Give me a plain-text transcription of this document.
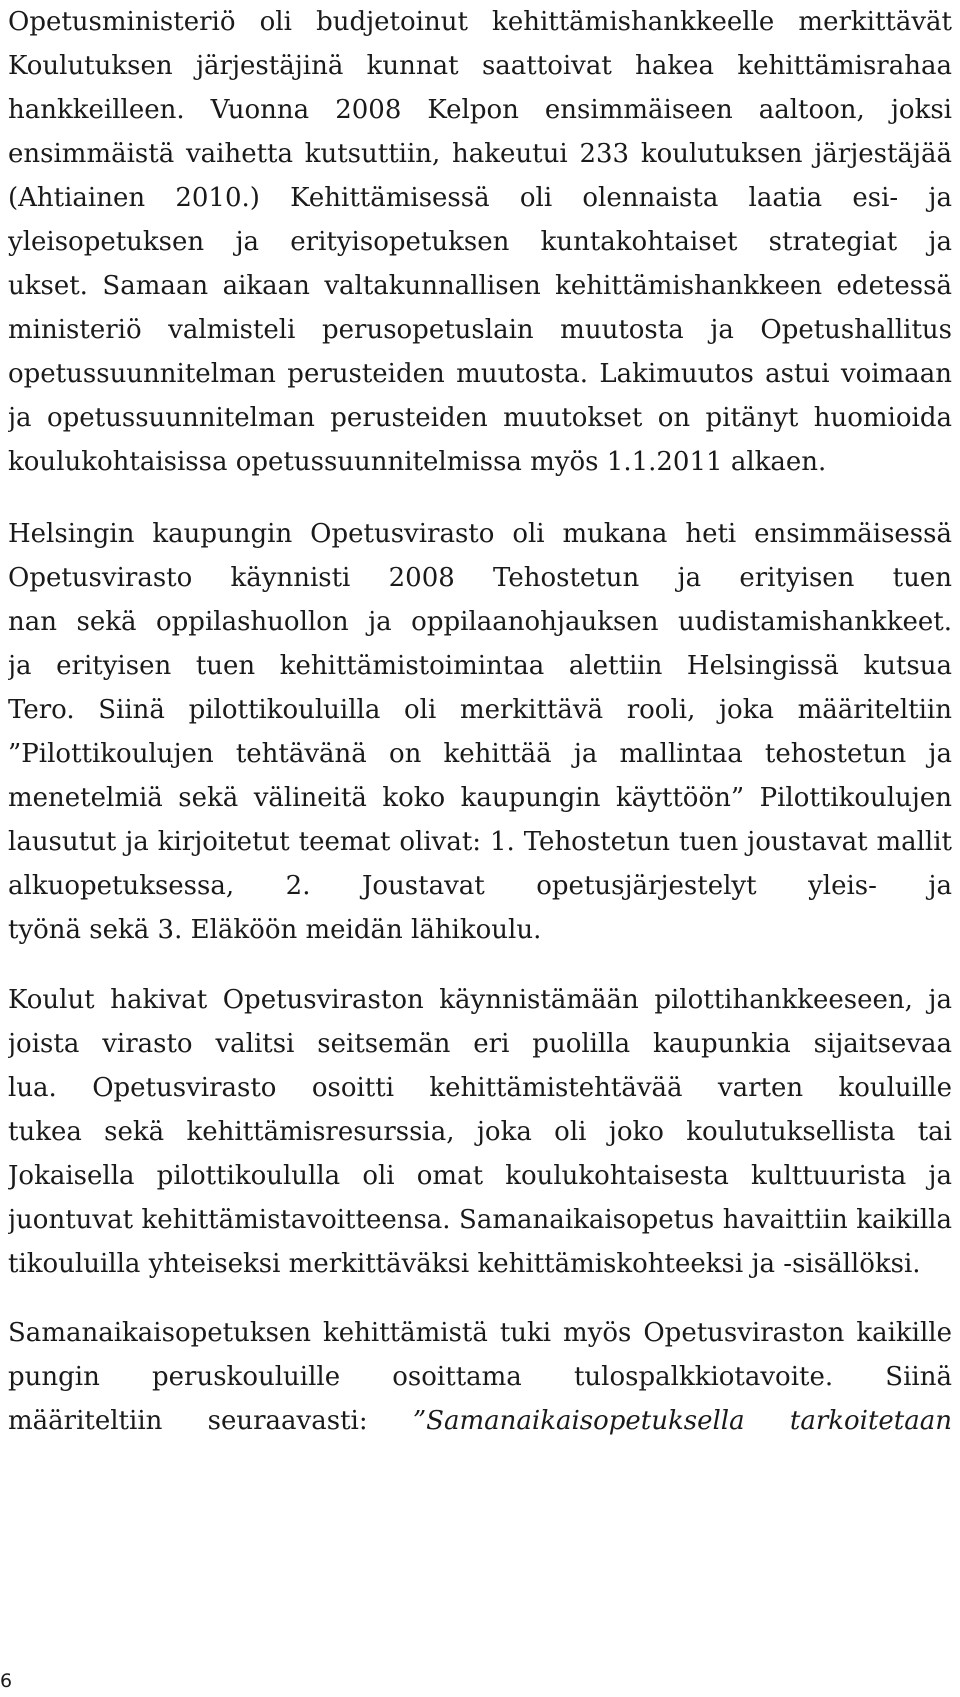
Opetusministeriö oli budjetoinut kehittämishankkeelle merkittävät
Koulutuksen järjestäjinä kunnat saattoivat hakea kehittämisrahaa
hankkeilleen. Vuonna 2008 Kelpon ensimmäiseen aaltoon, joksi
ensimmäistä vaihetta kutsuttiin, hakeutui 233 koulutuksen järjestäjää
(Ahtiainen 2010.) Kehittämisessä oli olennaista laatia esi- ja
yleisopetuksen ja erityisopetuksen kuntakohtaiset strategiat ja
ukset. Samaan aikaan valtakunnallisen kehittämishankkeen edetessä
ministeriö valmisteli perusopetuslain muutosta ja Opetushallitus
opetussuunnitelman perusteiden muutosta. Lakimuutos astui voimaan
ja opetussuunnitelman perusteiden muutokset on pitänyt huomioida
koulukohtaisissa opetussuunnitelmissa myös 1.1.2011 alkaen.
Helsingin kaupungin Opetusvirasto oli mukana heti ensimmäisessä
Opetusvirasto käynnisti 2008 Tehostetun ja erityisen tuen
nan sekä oppilashuollon ja oppilaanohjauksen uudistamishankkeet.
ja erityisen tuen kehittämistoimintaa alettiin Helsingissä kutsua
Tero. Siinä pilottikouluilla oli merkittävä rooli, joka määriteltiin
”Pilottikoulujen tehtävänä on kehittää ja mallintaa tehostetun ja
menetelmiä sekä välineitä koko kaupungin käyttöön” Pilottikoulujen
lausutut ja kirjoitetut teemat olivat: 1. Tehostetun tuen joustavat mallit
alkuopetuksessa, 2. Joustavat opetusjärjestelyt yleis- ja
työnä sekä 3. Eläköön meidän lähikoulu.
Koulut hakivat Opetusviraston käynnistämään pilottihankkeeseen, ja
joista virasto valitsi seitsemän eri puolilla kaupunkia sijaitsevaa
lua. Opetusvirasto osoitti kehittämistehtävää varten kouluille
tukea sekä kehittämisresurssia, joka oli joko koulutuksellista tai
Jokaisella pilottikoululla oli omat koulukohtaisesta kulttuurista ja
juontuvat kehittämistavoitteensa. Samanaikaisopetus havaittiin kaikilla
tikouluilla yhteiseksi merkittäväksi kehittämiskohteeksi ja -sisällöksi.
Samanaikaisopetuksen kehittämistä tuki myös Opetusviraston kaikille
pungin peruskouluille osoittama tulospalkkiotavoite. Siinä
määriteltiin seuraavasti: ”Samanaikaisopetuksella tarkoitetaan
6
